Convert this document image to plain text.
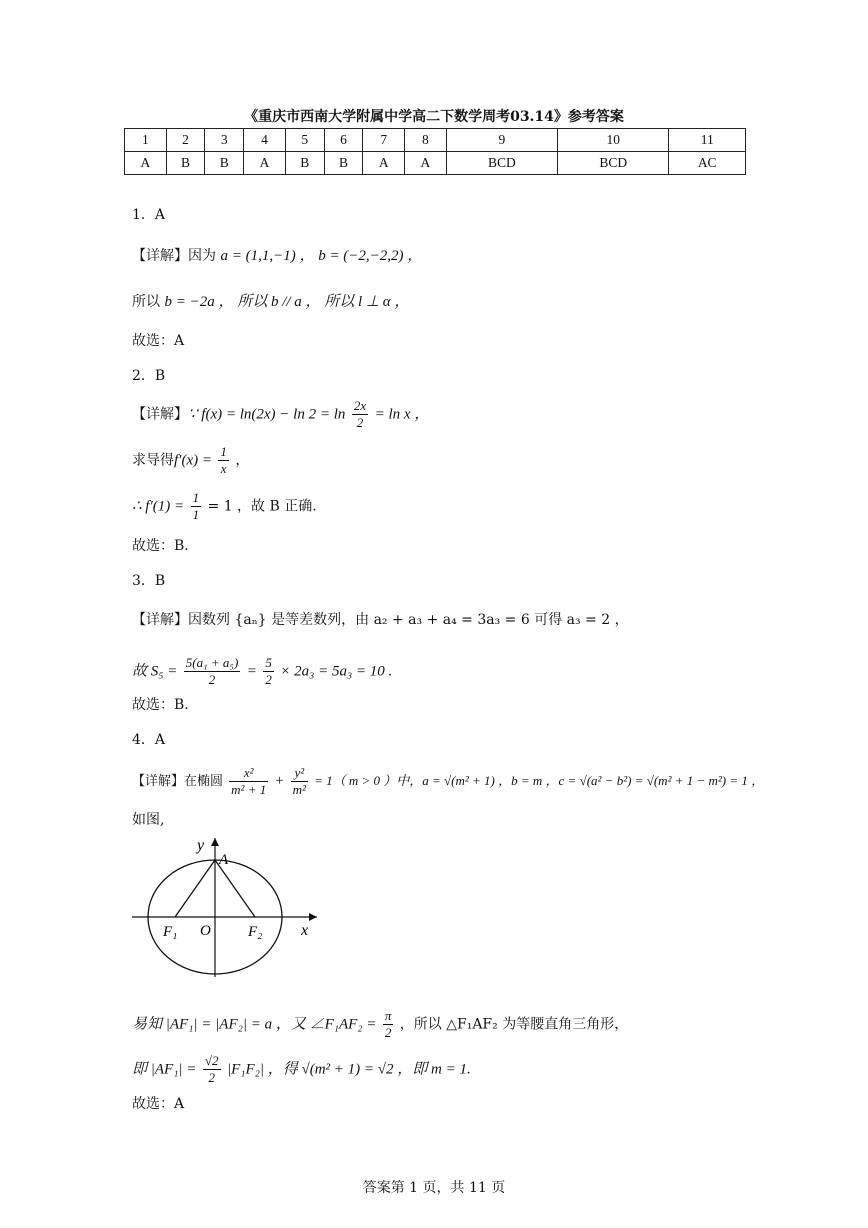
《重庆市西南大学附属中学高二下数学周考03.14》参考答案
1	2	3	4	5	6	7	8	9	10	11
A	B	B	A	B	B	A	A	BCD	BCD	AC
1．A
【详解】因为 a = (1,1,−1) ， b = (−2,−2,2) ，
所以 b = −2a ， 所以 b // a ， 所以 l ⊥ α ，
故选：A
2．B
【详解】∵ $f(x) = \ln(2x) - \ln 2 = \ln \frac{2x}{2} = \ln x$ ，
求导得$f'(x) = \frac{1}{x}$ ，
∴ $f'(1) = \frac{1}{1} = 1$ ，故 B 正确.
故选：B.
3．B
【详解】因数列 {aₙ} 是等差数列，由 a₂ + a₃ + a₄ = 3a₃ = 6 可得 a₃ = 2 ，
故 $S_5 = \frac{\text{5(a₁ + a₅)}}{2} = \frac{5}{2} \times 2a_3 = 5a_3 = 10$ .
故选：B.
4．A
【详解】在椭圆 $\frac{\text{x²}}{\text{m² + 1}} + \frac{\text{y²}}{\text{m²}} = 1$（ m > 0 ）中，a = √(m² + 1) ，b = m ，c = √(a² − b²) = √(m² + 1 − m²) = 1 ，
如图,
y
A
O
F₁	F₂ x
易知 |AF₁| = |AF₂| = a ，又 ∠F₁AF₂ = $\frac{\pi}{2}$ ，所以 △F₁AF₂ 为等腰直角三角形，
即 $|AF_1| = \frac{√2}{2} |F_1F_2|$ ，得 √(m² + 1) = √2 ，即 m = 1.
故选：A
答案第 1 页，共 11 页
